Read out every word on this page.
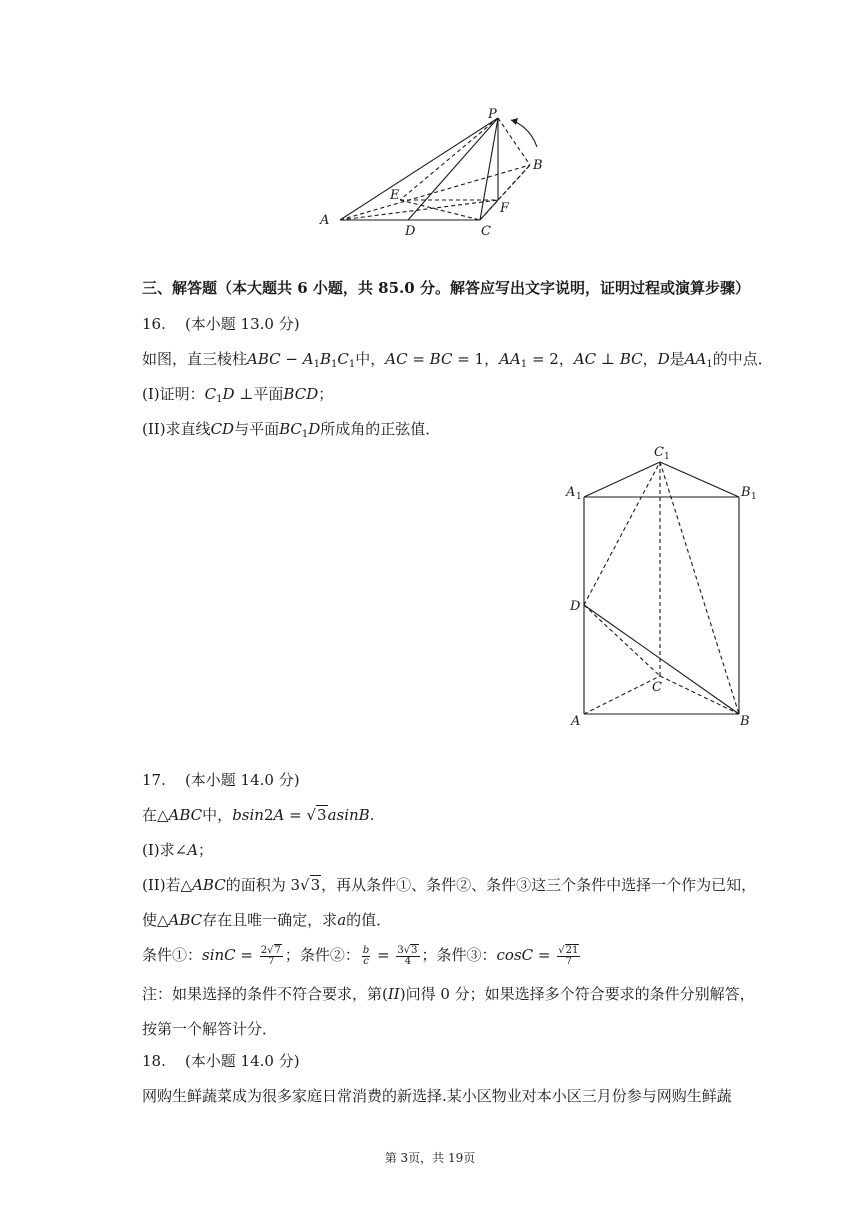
P
B
E
F
A
D	C
三、解答题（本大题共 6 小题，共 85.0 分。解答应写出文字说明，证明过程或演算步骤）
16. (本小题 13.0 分)
如图，直三棱柱ABC − $A_1B_1C_1$中，AC = BC = 1，$AA_1 = 2$，AC ⊥ BC，D是$AA_1$的中点．
(I)证明：$C_1D$ ⊥平面BCD；
(II)求直线CD与平面$BC_1D$所成角的正弦值．
C 1
A 1	B 1
D
C
A	B
17. (本小题 14.0 分)
在△ABC中，bsin2A = √3asinB.
(I)求∠A；
(II)若△ABC的面积为 3√3，再从条件①、条件②、条件③这三个条件中选择一个作为已知，
使△ABC存在且唯一确定，求a的值．
条件①：$\sin C = \frac{2√7}{7}$ ；条件②： $\frac{b}{c} = \frac{3√3}{4}$ ；条件③：$\cos C = \frac{√21}{7}$
注：如果选择的条件不符合要求，第(II)问得 0 分；如果选择多个符合要求的条件分别解答，
按第一个解答计分．
18. (本小题 14.0 分)
网购生鲜蔬菜成为很多家庭日常消费的新选择.某小区物业对本小区三月份参与网购生鲜蔬
第 3页，共 19页
